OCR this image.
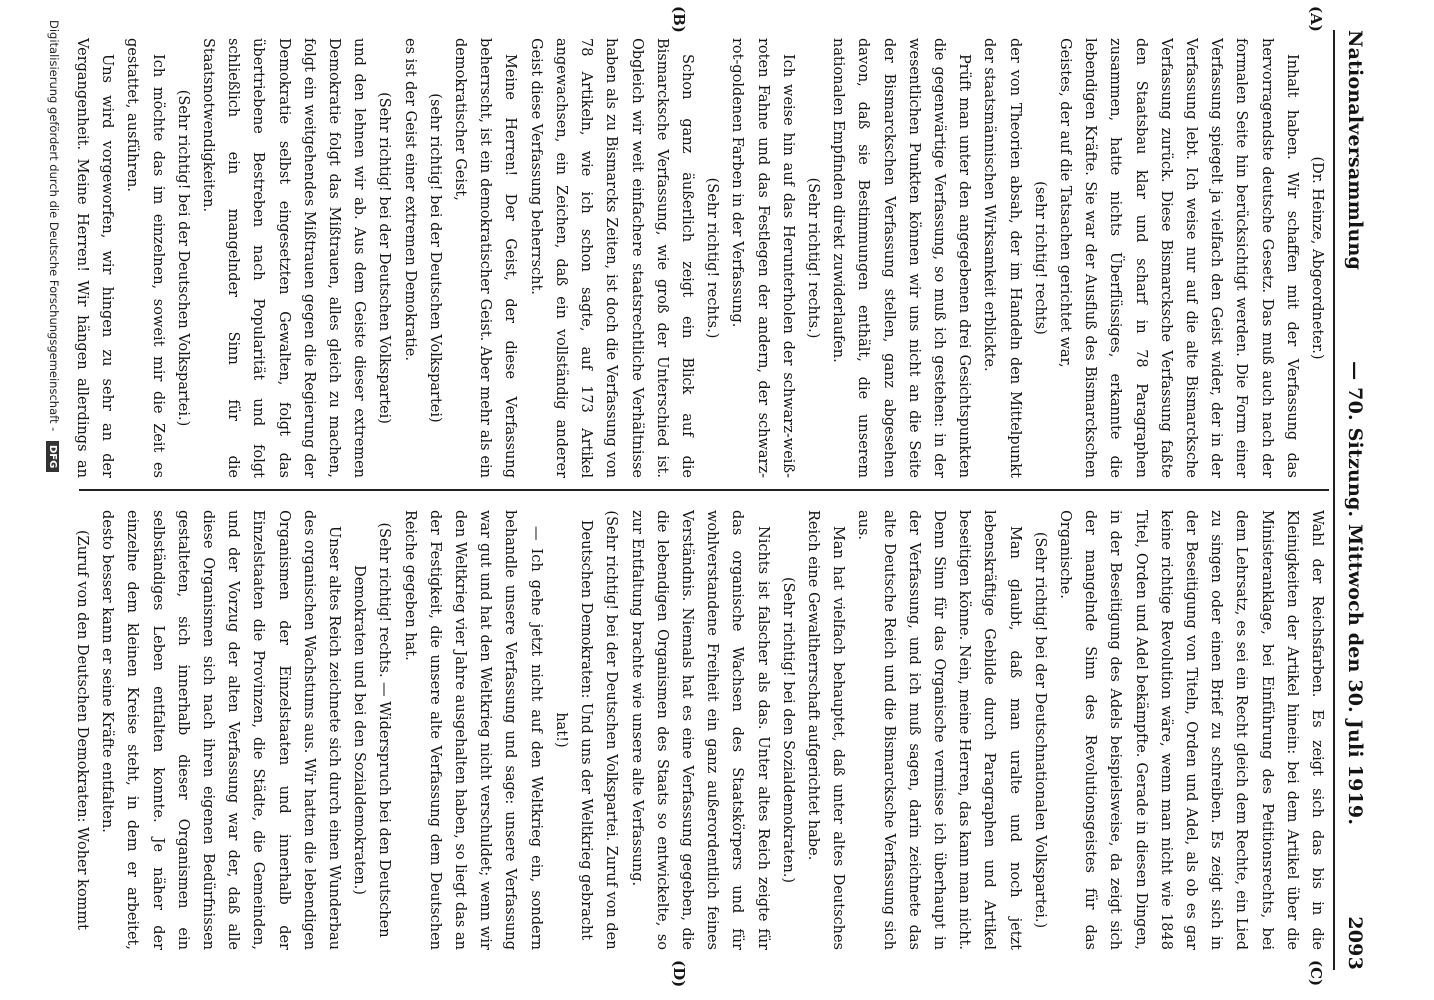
Nationalversammlung
— 70. Sitzung. Mittwoch den 30. Juli 1919.
2093
(A)
(B)
(C)
(D)

(Dr. Heinze, Abgeordneter.)

Inhalt haben. Wir schaffen mit der Verfassung das hervorragendste deutsche Gesetz. Das muß auch nach der formalen Seite hin berücksichtigt werden. Die Form einer Verfassung spiegelt ja vielfach den Geist wider, der in der Verfassung lebt. Ich weise nur auf die alte Bismarcksche Verfassung zurück. Diese Bismarcksche Verfassung faßte den Staatsbau klar und scharf in 78 Paragraphen zusammen, hatte nichts Überflüssiges, erkannte die lebendigen Kräfte. Sie war der Ausfluß des Bismarckschen Geistes, der auf die Tatsachen gerichtet war,

(sehr richtig! rechts)

der von Theorien absah, der im Handeln den Mittelpunkt der staatsmännischen Wirksamkeit erblickte.

Prüft man unter den angegebenen drei Gesichtspunkten die gegenwärtige Verfassung, so muß ich gestehen: in der wesentlichen Punkten können wir uns nicht an die Seite der Bismarckschen Verfassung stellen, ganz abgesehen davon, daß sie Bestimmungen enthält, die unserem nationalen Empfinden direkt zuwiderlaufen.

(Sehr richtig! rechts.)

Ich weise hin auf das Herunterholen der schwarz-weiß-roten Fahne und das Festlegen der andern, der schwarz-rot-goldenen Farben in der Verfassung.

(Sehr richtig! rechts.)

Schon ganz äußerlich zeigt ein Blick auf die Bismarcksche Verfassung, wie groß der Unterschied ist. Obgleich wir weit einfachere staatsrechtliche Verhältnisse haben als zu Bismarcks Zeiten, ist doch die Verfassung von 78 Artikeln, wie ich schon sagte, auf 173 Artikel angewachsen, ein Zeichen, daß ein vollständig anderer Geist diese Verfassung beherrscht.

Meine Herren! Der Geist, der diese Verfassung beherrscht, ist ein demokratischer Geist. Aber mehr als ein demokratischer Geist,

(sehr richtig! bei der Deutschen Volkspartei)

es ist der Geist einer extremen Demokratie.

(Sehr richtig! bei der Deutschen Volkspartei)

und den lehnen wir ab. Aus dem Geiste dieser extremen Demokratie folgt das Mißtrauen, alles gleich zu machen, folgt ein weitgehendes Mißtrauen gegen die Regierung der Demokratie selbst eingesetzten Gewalten, folgt das übertriebene Bestreben nach Popularität und folgt schließlich ein mangelnder Sinn für die Staatsnotwendigkeiten.

(Sehr richtig! bei der Deutschen Volkspartei.)

Ich möchte das im einzelnen, soweit mir die Zeit es gestattet, ausführen.

Uns wird vorgeworfen, wir hingen zu sehr an der Vergangenheit. Meine Herren! Wir hängen allerdings an

Wahl der Reichsfarben. Es zeigt sich das bis in die Kleinigkeiten der Artikel hinein: bei dem Artikel über die Ministeranklage, bei Einführung des Petitionsrechts, bei dem Lehrsatz, es sei ein Recht gleich dem Rechte, ein Lied zu singen oder einen Brief zu schreiben. Es zeigt sich in der Beseitigung von Titeln, Orden und Adel, als ob es gar keine richtige Revolution wäre, wenn man nicht wie 1848 Titel, Orden und Adel bekämpfte. Gerade in diesen Dingen, in der Beseitigung des Adels beispielsweise, da zeigt sich der mangelnde Sinn des Revolutionsgeistes für das Organische.

(Sehr richtig! bei der Deutschnationalen Volkspartei.)

Man glaubt, daß man uralte und noch jetzt lebenskräftige Gebilde durch Paragraphen und Artikel beseitigen könne. Nein, meine Herren, das kann man nicht. Denn Sinn für das Organische vermisse ich überhaupt in der Verfassung, und ich muß sagen, darin zeichnete das alte Deutsche Reich und die Bismarcksche Verfassung sich aus.

Man hat vielfach behauptet, daß unter altes Deutsches Reich eine Gewaltherrschaft aufgerichtet habe.

(Sehr richtig! bei den Sozialdemokraten.)

Nichts ist falscher als das. Unter altes Reich zeigte für das organische Wachsen des Staatskörpers und für wohlverstandene Freiheit ein ganz außerordentlich feines Verständnis. Niemals hat es eine Verfassung gegeben, die die lebendigen Organismen des Staats so entwickelte, so zur Entfaltung brachte wie unsere alte Verfassung.

(Sehr richtig! bei der Deutschen Volkspartei. Zuruf von den Deutschen Demokraten: Und uns der Weltkrieg gebracht hat!)

— Ich gehe jetzt nicht auf den Weltkrieg ein, sondern behandle unsere Verfassung und sage: unsere Verfassung war gut und hat den Weltkrieg nicht verschuldet; wenn wir den Weltkrieg vier Jahre ausgehalten haben, so liegt das an der Festigkeit, die unsere alte Verfassung dem Deutschen Reiche gegeben hat.

(Sehr richtig! rechts. — Widerspruch bei den Deutschen Demokraten und bei den Sozialdemokraten.)

Unser altes Reich zeichnete sich durch einen Wunderbau des organischen Wachstums aus. Wir hatten die lebendigen Organismen der Einzelstaaten und innerhalb der Einzelstaaten die Provinzen, die Städte, die Gemeinden, und der Vorzug der alten Verfassung war der, daß alle diese Organismen sich nach ihren eigenen Bedürfnissen gestalteten, sich innerhalb dieser Organismen ein selbständiges Leben entfalten konnte. Je näher der einzelne dem kleinen Kreise steht, in dem er arbeitet, desto besser kann er seine Kräfte entfalten.

(Zuruf von den Deutschen Demokraten: Woher kommt

Digitalisierung gefördert durch die Deutsche Forschungsgemeinschaft - DFG
